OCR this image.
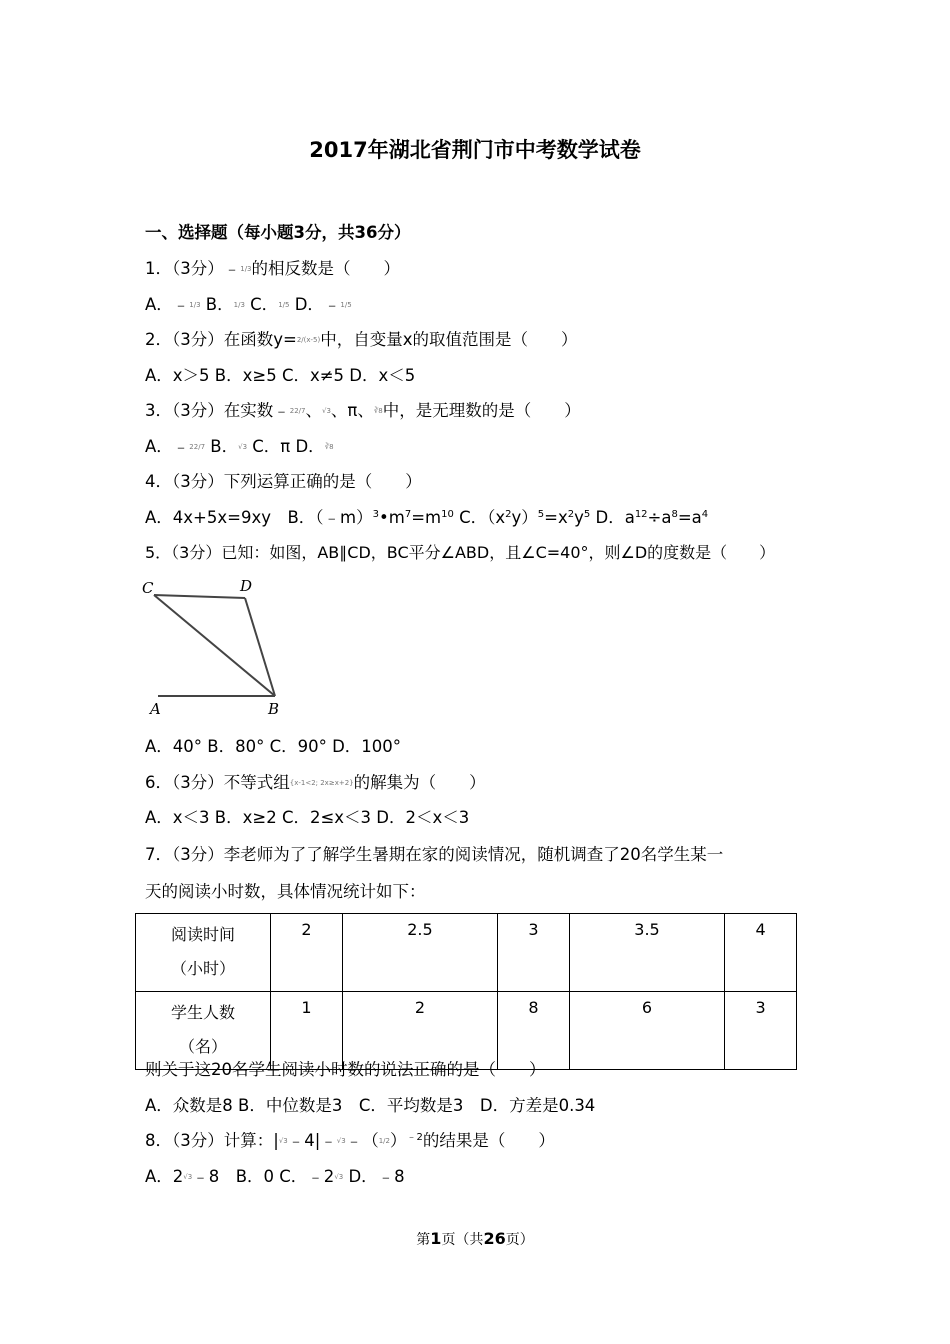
2017年湖北省荆门市中考数学试卷
一、选择题（每小题3分，共36分）
1．（3分）﹣1/3的相反数是（　　）
A．﹣1/3 B．1/3 C．1/5 D．﹣1/5
2．（3分）在函数y=2/(x-5)中，自变量x的取值范围是（　　）
A．x＞5 B．x≥5 C．x≠5 D．x＜5
3．（3分）在实数﹣22/7、√3、π、∛8中，是无理数的是（　　）
A．﹣22/7 B．√3 C．π D．∛8
4．（3分）下列运算正确的是（　　）
A．4x+5x=9xy　B．$(﹣m)^3•m^7=m^{10}$ C．$(x^2y)^5=x^2y^5$ D．$a^{12}\div a^8=a^4$
5．（3分）已知：如图，AB∥CD，BC平分∠ABD，且∠C=40°，则∠D的度数是（　　）
C	D
A	B
A．40° B．80° C．90° D．100°
6．（3分）不等式组{x-1<2; 2x≥x+2}的解集为（　　）
A．x＜3 B．x≥2 C．2≤x＜3 D．2＜x＜3
7．（3分）李老师为了了解学生暑期在家的阅读情况，随机调查了20名学生某一
天的阅读小时数，具体情况统计如下：
阅读时间
（小时）	2	2.5	3	3.5	4
学生人数
（名）	1	2	8	6	3
则关于这20名学生阅读小时数的说法正确的是（　　）
A．众数是8 B．中位数是3　C．平均数是3　D．方差是0.34
8．（3分）计算：$|√3﹣4|﹣√3﹣(1/2)^{﹣2}$的结果是（　　）
A．2√3﹣8　B．0 C．﹣2√3 D．﹣8
第1页（共26页）
